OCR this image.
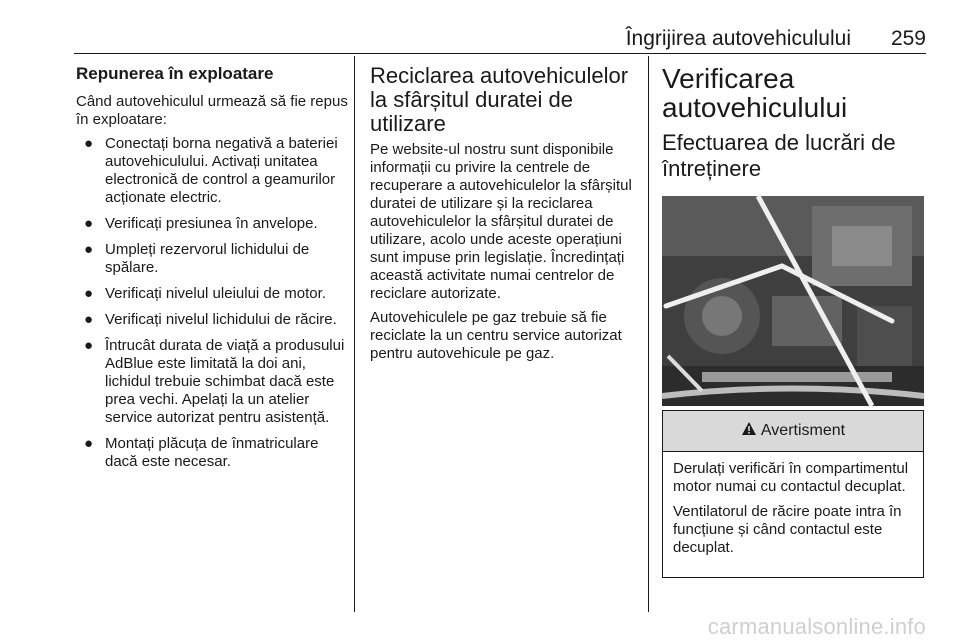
Îngrijirea autovehiculului 259
Repunerea în exploatare
Când autovehiculul urmează să fie repus în exploatare:
● Conectați borna negativă a bateriei autovehiculului. Activați unitatea electronică de control a geamurilor acționate electric.
● Verificați presiunea în anvelope.
● Umpleți rezervorul lichidului de spălare.
● Verificați nivelul uleiului de motor.
● Verificați nivelul lichidului de răcire.
● Întrucât durata de viață a produsului AdBlue este limitată la doi ani, lichidul trebuie schimbat dacă este prea vechi. Apelați la un atelier service autorizat pentru asistență.
● Montați plăcuța de înmatriculare dacă este necesar.
Reciclarea autovehiculelor la sfârșitul duratei de utilizare
Pe website-ul nostru sunt disponibile informații cu privire la centrele de recuperare a autovehiculelor la sfârșitul duratei de utilizare și la reciclarea autovehiculelor la sfârșitul duratei de utilizare, acolo unde aceste operațiuni sunt impuse prin legislație. Încredințați această activitate numai centrelor de reciclare autorizate.
Autovehiculele pe gaz trebuie să fie reciclate la un centru service autorizat pentru autovehicule pe gaz.
Verificarea autovehiculului
Efectuarea de lucrări de întreținere
Avertisment
Derulați verificări în compartimentul motor numai cu contactul decuplat.
Ventilatorul de răcire poate intra în funcțiune și când contactul este decuplat.
carmanualsonline.info
